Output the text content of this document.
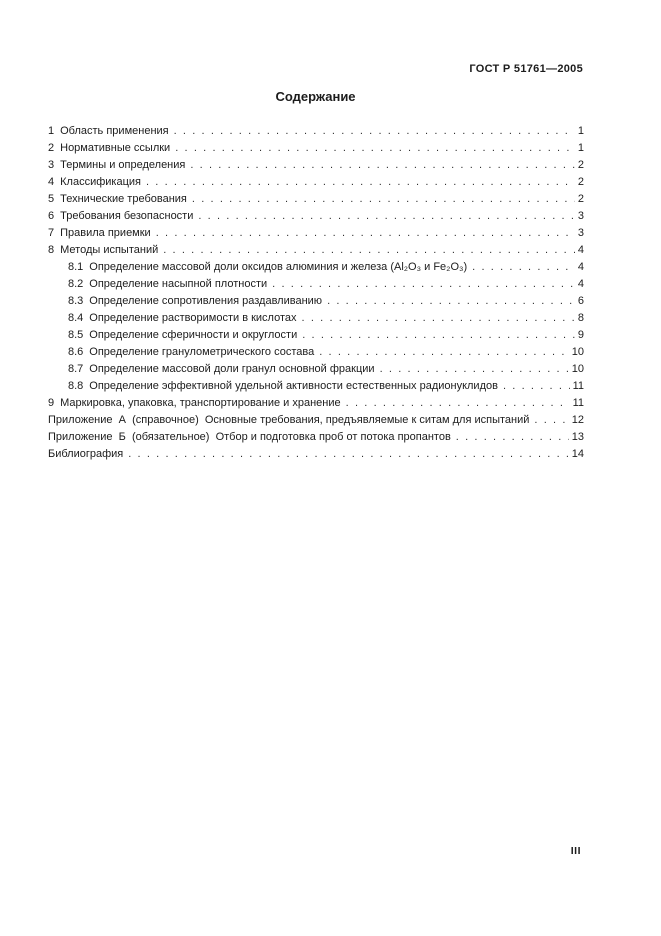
ГОСТ Р 51761—2005
Содержание
1 Область применения . . .	1
2 Нормативные ссылки . . .	1
3 Термины и определения . . .	2
4 Классификация . . .	2
5 Технические требования . . .	2
6 Требования безопасности . . .	3
7 Правила приемки . . .	3
8 Методы испытаний . . .	4
8.1 Определение массовой доли оксидов алюминия и железа (Al₂O₃ и Fe₂O₃) . . .	4
8.2 Определение насыпной плотности . . .	4
8.3 Определение сопротивления раздавливанию . . .	6
8.4 Определение растворимости в кислотах . . .	8
8.5 Определение сферичности и округлости . . .	9
8.6 Определение гранулометрического состава . . .	10
8.7 Определение массовой доли гранул основной фракции . . .	10
8.8 Определение эффективной удельной активности естественных радионуклидов . . .	11
9 Маркировка, упаковка, транспортирование и хранение . . .	11
Приложение  А  (справочное)  Основные требования, предъявляемые к ситам для испытаний . . .	12
Приложение  Б  (обязательное)  Отбор и подготовка проб от потока пропантов . . .	13
Библиография . . .	14
III
